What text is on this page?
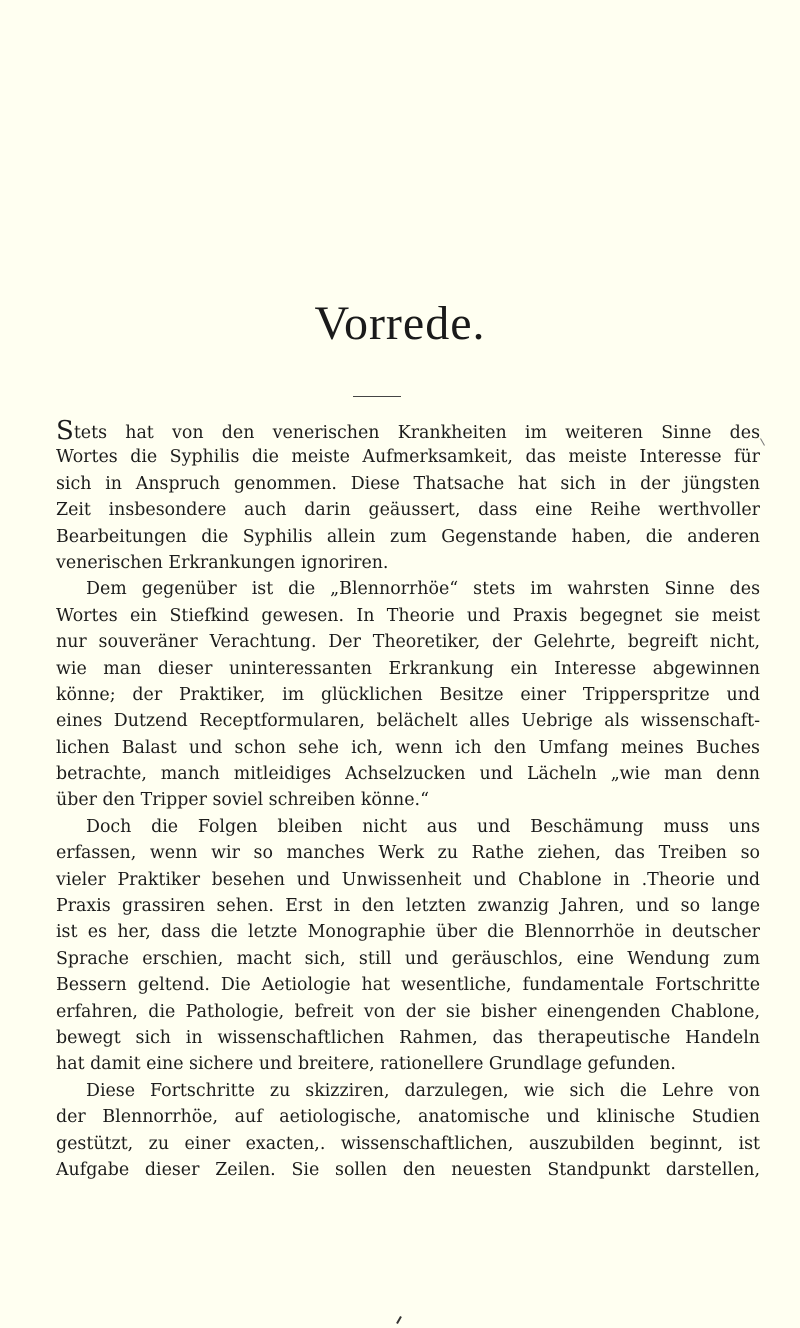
Vorrede.
Stets hat von den venerischen Krankheiten im weiteren Sinne des
Wortes die Syphilis die meiste Aufmerksamkeit, das meiste Interesse für
sich in Anspruch genommen. Diese Thatsache hat sich in der jüngsten
Zeit insbesondere auch darin geäussert, dass eine Reihe werthvoller
Bearbeitungen die Syphilis allein zum Gegenstande haben, die anderen
venerischen Erkrankungen ignoriren.
Dem gegenüber ist die „Blennorrhöe“ stets im wahrsten Sinne des
Wortes ein Stiefkind gewesen. In Theorie und Praxis begegnet sie meist
nur souveräner Verachtung. Der Theoretiker, der Gelehrte, begreift nicht,
wie man dieser uninteressanten Erkrankung ein Interesse abgewinnen
könne; der Praktiker, im glücklichen Besitze einer Tripperspritze und
eines Dutzend Receptformularen, belächelt alles Uebrige als wissenschaft-
lichen Balast und schon sehe ich, wenn ich den Umfang meines Buches
betrachte, manch mitleidiges Achselzucken und Lächeln „wie man denn
über den Tripper soviel schreiben könne.“
Doch die Folgen bleiben nicht aus und Beschämung muss uns
erfassen, wenn wir so manches Werk zu Rathe ziehen, das Treiben so
vieler Praktiker besehen und Unwissenheit und Chablone in .Theorie und
Praxis grassiren sehen. Erst in den letzten zwanzig Jahren, und so lange
ist es her, dass die letzte Monographie über die Blennorrhöe in deutscher
Sprache erschien, macht sich, still und geräuschlos, eine Wendung zum
Bessern geltend. Die Aetiologie hat wesentliche, fundamentale Fortschritte
erfahren, die Pathologie, befreit von der sie bisher einengenden Chablone,
bewegt sich in wissenschaftlichen Rahmen, das therapeutische Handeln
hat damit eine sichere und breitere, rationellere Grundlage gefunden.
Diese Fortschritte zu skizziren, darzulegen, wie sich die Lehre von
der Blennorrhöe, auf aetiologische, anatomische und klinische Studien
gestützt, zu einer exacten,. wissenschaftlichen, auszubilden beginnt, ist
Aufgabe dieser Zeilen. Sie sollen den neuesten Standpunkt darstellen,
